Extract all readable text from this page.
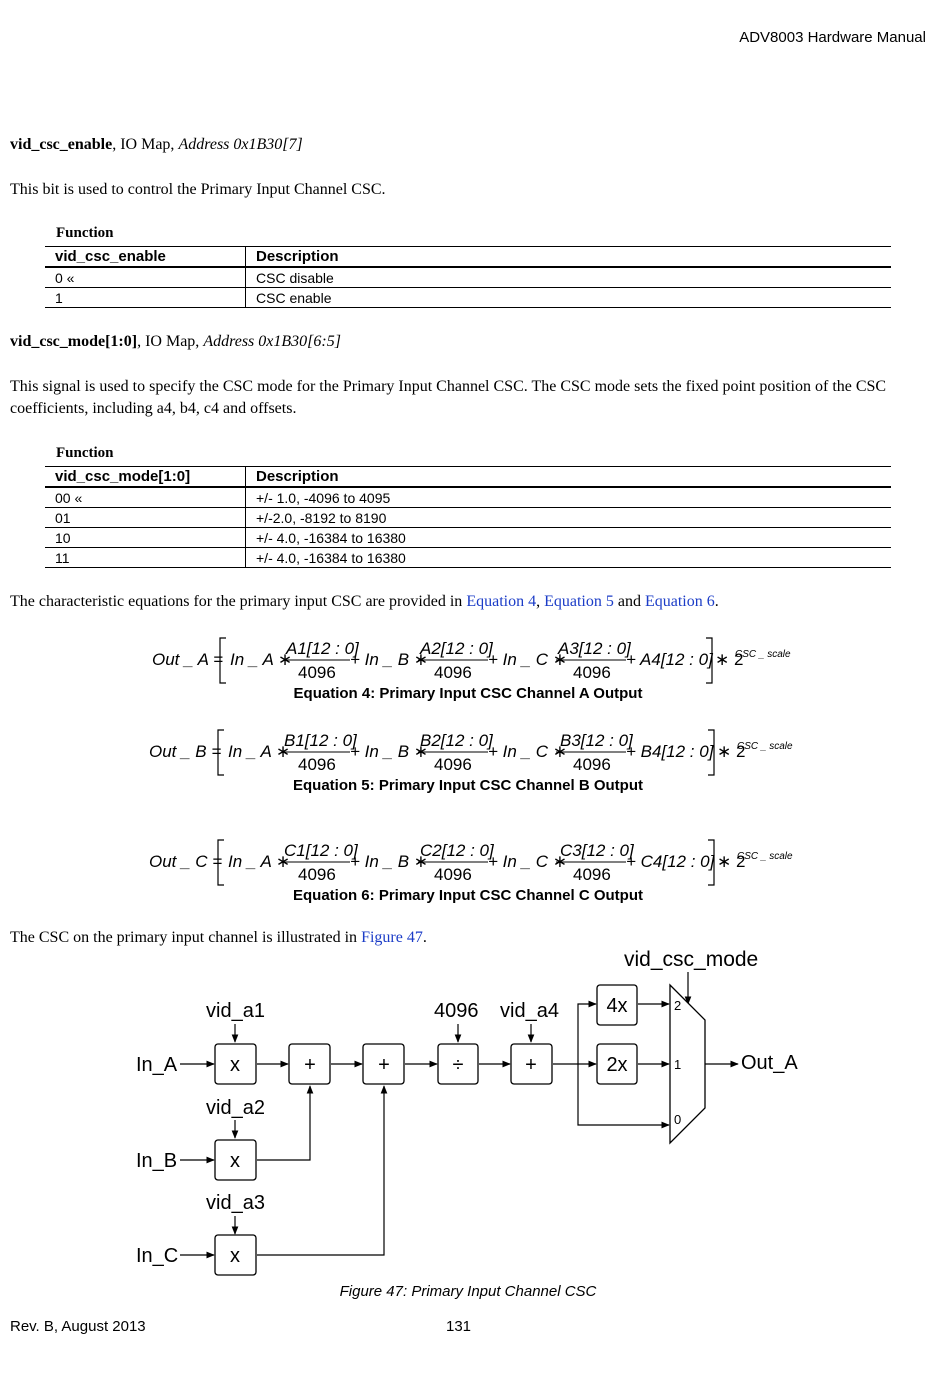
ADV8003 Hardware Manual
vid_csc_enable, IO Map, Address 0x1B30[7]
This bit is used to control the Primary Input Channel CSC.
Function
vid_csc_enable	Description
0 «	CSC disable
1	CSC enable
vid_csc_mode[1:0], IO Map, Address 0x1B30[6:5]
This signal is used to specify the CSC mode for the Primary Input Channel CSC. The CSC mode sets the fixed point position of the CSC coefficients, including a4, b4, c4 and offsets.
Function
vid_csc_mode[1:0]	Description
00 «	+/- 1.0, -4096 to 4095
01	+/-2.0, -8192 to 8190
10	+/- 4.0, -16384 to 16380
11	+/- 4.0, -16384 to 16380
The characteristic equations for the primary input CSC are provided in Equation 4, Equation 5 and Equation 6.
Out _ A = In _ A ∗
A1[12 : 0]
4096
+ In _ B ∗
A2[12 : 0]
4096
+ In _ C ∗
A3[12 : 0]
4096
+ A4[12 : 0] ∗ 2
CSC _ scale
Equation 4: Primary Input CSC Channel A Output
Out _ B = In _ A ∗
B1[12 : 0]
4096
+ In _ B ∗
B2[12 : 0]
4096
+ In _ C ∗
B3[12 : 0]
4096
+ B4[12 : 0] ∗ 2
CSC _ scale
Equation 5: Primary Input CSC Channel B Output
Out _ C = In _ A ∗
C1[12 : 0]
4096
+ In _ B ∗
C2[12 : 0]
4096
+ In _ C ∗
C3[12 : 0]
4096
+ C4[12 : 0] ∗ 2
CSC _ scale
Equation 6: Primary Input CSC Channel C Output
The CSC on the primary input channel is illustrated in Figure 47.
vid_csc_mode
vid_a1	4096 vid_a4
vid_a2
vid_a3
In_A
In_B
In_C
Out_A
x	+	+	÷	+
4x
2x
x
x
2
1
0
Figure 47: Primary Input Channel CSC
Rev. B, August 2013	131
